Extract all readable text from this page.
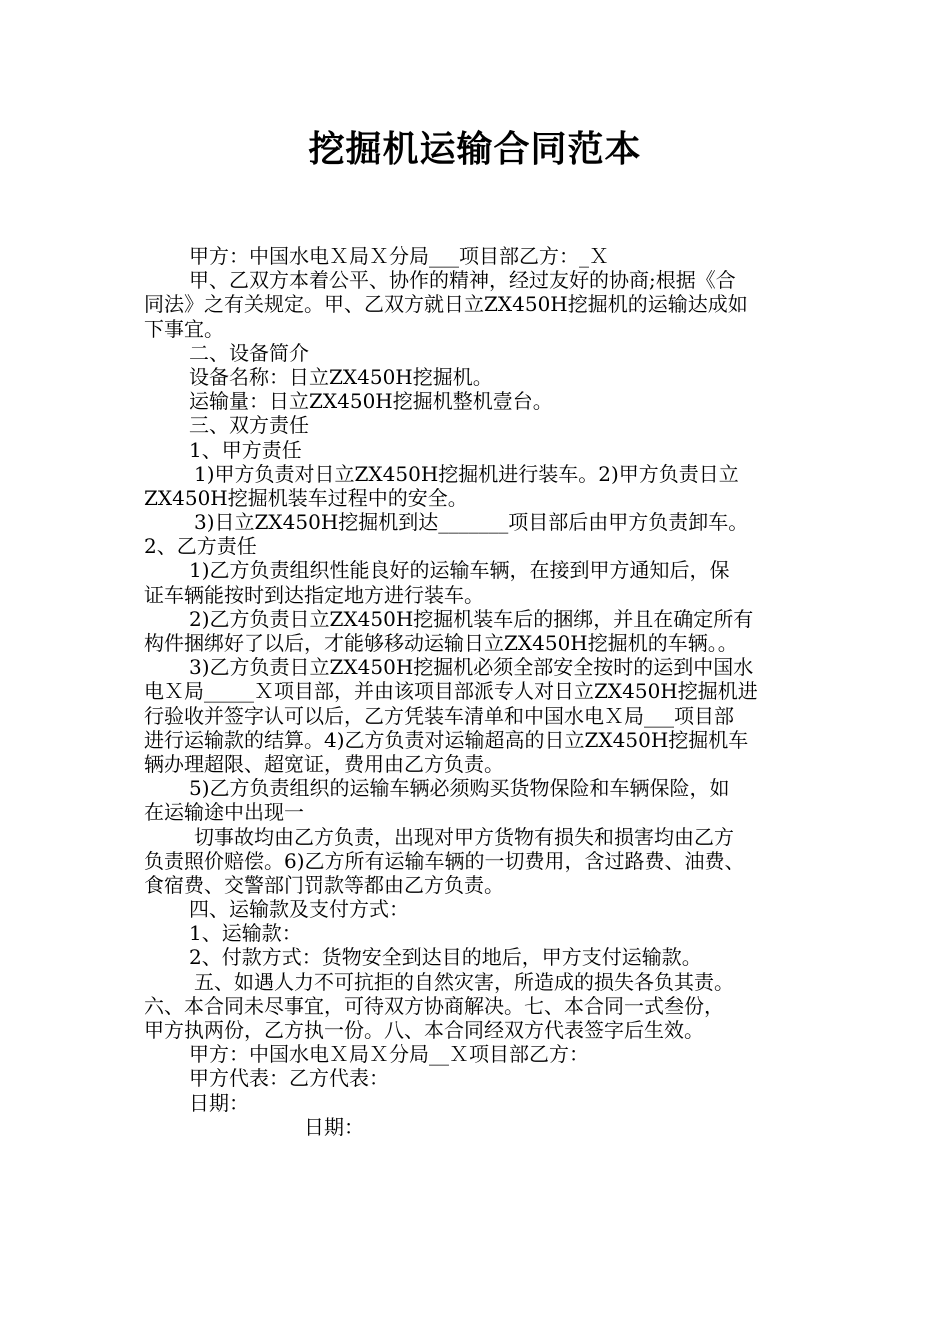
挖掘机运输合同范本

甲方：中国水电Ｘ局Ｘ分局___项目部乙方：_Ｘ

甲、乙双方本着公平、协作的精神，经过友好的协商;根据《合

同法》之有关规定。甲、乙双方就日立ZX450H挖掘机的运输达成如

下事宜。

二、设备简介

设备名称：日立ZX450H挖掘机。

运输量：日立ZX450H挖掘机整机壹台。

三、双方责任

1、甲方责任

1)甲方负责对日立ZX450H挖掘机进行装车。2)甲方负责日立

ZX450H挖掘机装车过程中的安全。

3)日立ZX450H挖掘机到达_______项目部后由甲方负责卸车。

2、乙方责任

1)乙方负责组织性能良好的运输车辆，在接到甲方通知后，保

证车辆能按时到达指定地方进行装车。

2)乙方负责日立ZX450H挖掘机装车后的捆绑，并且在确定所有

构件捆绑好了以后，才能够移动运输日立ZX450H挖掘机的车辆。。

3)乙方负责日立ZX450H挖掘机必须全部安全按时的运到中国水

电Ｘ局_____Ｘ项目部，并由该项目部派专人对日立ZX450H挖掘机进

行验收并签字认可以后，乙方凭装车清单和中国水电Ｘ局___项目部

进行运输款的结算。4)乙方负责对运输超高的日立ZX450H挖掘机车

辆办理超限、超宽证，费用由乙方负责。

5)乙方负责组织的运输车辆必须购买货物保险和车辆保险，如

在运输途中出现一

切事故均由乙方负责，出现对甲方货物有损失和损害均由乙方

负责照价赔偿。6)乙方所有运输车辆的一切费用，含过路费、油费、

食宿费、交警部门罚款等都由乙方负责。

四、运输款及支付方式：

1、运输款：

2、付款方式：货物安全到达目的地后，甲方支付运输款。

五、如遇人力不可抗拒的自然灾害，所造成的损失各负其责。

六、本合同未尽事宜，可待双方协商解决。七、本合同一式叁份，

甲方执两份，乙方执一份。八、本合同经双方代表签字后生效。

甲方：中国水电Ｘ局Ｘ分局__Ｘ项目部乙方：

甲方代表：乙方代表：

日期：

日期：
